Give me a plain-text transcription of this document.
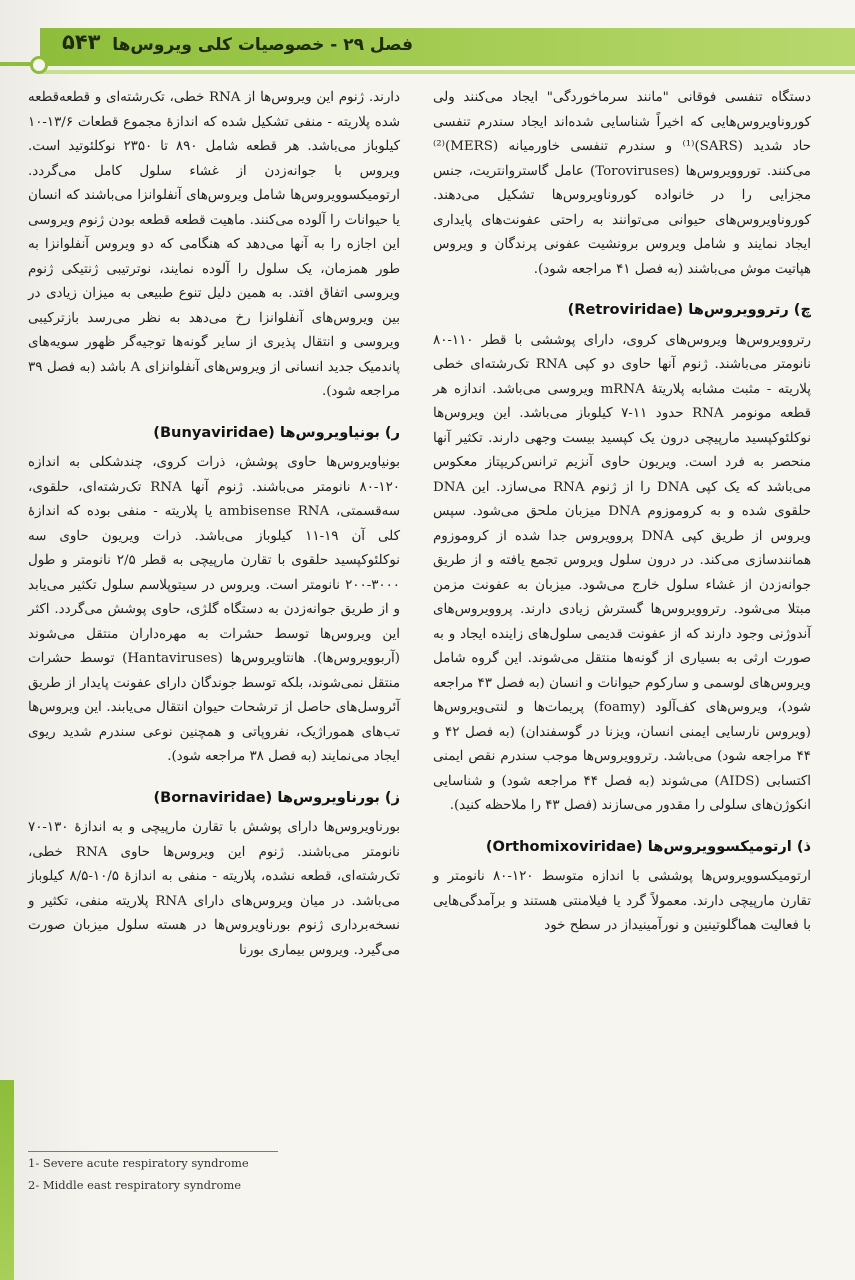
۵۴۳ فصل ۲۹ - خصوصیات کلی ویروس‌ها

دستگاه تنفسی فوقانی "مانند سرماخوردگی" ایجاد می‌کنند ولی کوروناویروس‌هایی که اخیراً شناسایی شده‌اند ایجاد سندرم تنفسی حاد شدید (SARS)⁽¹⁾ و سندرم تنفسی خاورمیانه (MERS)⁽²⁾ می‌کنند. توروویروس‌ها (Toroviruses) عامل گاستروانتریت، جنس مجزایی را در خانواده کوروناویروس‌ها تشکیل می‌دهند. کوروناویروس‌های حیوانی می‌توانند به راحتی عفونت‌های پایداری ایجاد نمایند و شامل ویروس برونشیت عفونی پرندگان و ویروس هپاتیت موش می‌باشند (به فصل ۴۱ مراجعه شود).

چ) رتروویروس‌ها (Retroviridae)

رتروویروس‌ها ویروس‌های کروی، دارای پوششی با قطر ۱۱۰-۸۰ نانومتر می‌باشند. ژنوم آنها حاوی دو کپی RNA تک‌رشته‌ای خطی پلاریته - مثبت مشابه پلاریتهٔ mRNA ویروسی می‌باشد. اندازه هر قطعه مونومر RNA حدود ۱۱-۷ کیلوباز می‌باشد. این ویروس‌ها نوکلئوکپسید مارپیچی درون یک کپسید بیست وجهی دارند. تکثیر آنها منحصر به فرد است. ویریون حاوی آنزیم ترانس‌کریپتاز معکوس می‌باشد که یک کپی DNA را از ژنوم RNA می‌سازد. این DNA حلقوی شده و به کروموزوم DNA میزبان ملحق می‌شود. سپس ویروس از طریق کپی DNA پروویروس جدا شده از کروموزوم همانندسازی می‌کند. در درون سلول ویروس تجمع یافته و از طریق جوانه‌زدن از غشاء سلول خارج می‌شود. میزبان به عفونت مزمن مبتلا می‌شود. رتروویروس‌ها گسترش زیادی دارند. پروویروس‌های آندوژنی وجود دارند که از عفونت قدیمی سلول‌های زاینده ایجاد و به صورت ارثی به بسیاری از گونه‌ها منتقل می‌شوند. این گروه شامل ویروس‌های لوسمی و سارکوم حیوانات و انسان (به فصل ۴۳ مراجعه شود)، ویروس‌های کف‌آلود (foamy) پریمات‌ها و لنتی‌ویروس‌ها (ویروس نارسایی ایمنی انسان، ویزنا در گوسفندان) (به فصل ۴۲ و ۴۴ مراجعه شود) می‌باشد. رتروویروس‌ها موجب سندرم نقص ایمنی اکتسابی (AIDS) می‌شوند (به فصل ۴۴ مراجعه شود) و شناسایی انکوژن‌های سلولی را مقدور می‌سازند (فصل ۴۳ را ملاحظه کنید).

ذ) ارتومیکسوویروس‌ها (Orthomixoviridae)

ارتومیکسوویروس‌ها پوششی با اندازه متوسط ۱۲۰-۸۰ نانومتر و تقارن مارپیچی دارند. معمولاً گرد یا فیلامنتی هستند و برآمدگی‌هایی با فعالیت هماگلوتینین و نورآمینیداز در سطح خود

دارند. ژنوم این ویروس‌ها از RNA خطی، تک‌رشته‌ای و قطعه‌قطعه شده پلاریته - منفی تشکیل شده که اندازهٔ مجموع قطعات ۱۳/۶-۱۰ کیلوباز می‌باشد. هر قطعه شامل ۸۹۰ تا ۲۳۵۰ نوکلئوتید است. ویروس با جوانه‌زدن از غشاء سلول کامل می‌گردد. ارتومیکسوویروس‌ها شامل ویروس‌های آنفلوانزا می‌باشند که انسان یا حیوانات را آلوده می‌کنند. ماهیت قطعه قطعه بودن ژنوم ویروسی این اجازه را به آنها می‌دهد که هنگامی که دو ویروس آنفلوانزا به طور همزمان، یک سلول را آلوده نمایند، نوترتیبی ژنتیکی ژنوم ویروسی اتفاق افتد. به همین دلیل تنوع طبیعی به میزان زیادی در بین ویروس‌های آنفلوانزا رخ می‌دهد به نظر می‌رسد بازترکیبی ویروسی و انتقال پذیری از سایر گونه‌ها توجیه‌گر ظهور سویه‌های پاندمیک جدید انسانی از ویروس‌های آنفلوانزای A باشد (به فصل ۳۹ مراجعه شود).

ر) بونیاویروس‌ها (Bunyaviridae)

بونیاویروس‌ها حاوی پوشش، ذرات کروی، چندشکلی به اندازه ۱۲۰-۸۰ نانومتر می‌باشند. ژنوم آنها RNA تک‌رشته‌ای، حلقوی، سه‌قسمتی، ambisense RNA یا پلاریته - منفی بوده که اندازهٔ کلی آن ۱۹-۱۱ کیلوباز می‌باشد. ذرات ویریون حاوی سه نوکلئوکپسید حلقوی با تقارن مارپیچی به قطر ۲/۵ نانومتر و طول ۳۰۰۰-۲۰۰ نانومتر است. ویروس در سیتوپلاسم سلول تکثیر می‌یابد و از طریق جوانه‌زدن به دستگاه گلژی، حاوی پوشش می‌گردد. اکثر این ویروس‌ها توسط حشرات به مهره‌داران منتقل می‌شوند (آربوویروس‌ها). هانتاویروس‌ها (Hantaviruses) توسط حشرات منتقل نمی‌شوند، بلکه توسط جوندگان دارای عفونت پایدار از طریق آئروسل‌های حاصل از ترشحات حیوان انتقال می‌یابند. این ویروس‌ها تب‌های هموراژیک، نفروپاتی و همچنین نوعی سندرم شدید ریوی ایجاد می‌نمایند (به فصل ۳۸ مراجعه شود).

ز) بورناویروس‌ها (Bornaviridae)

بورناویروس‌ها دارای پوشش با تقارن مارپیچی و به اندازهٔ ۱۳۰-۷۰ نانومتر می‌باشند. ژنوم این ویروس‌ها حاوی RNA خطی، تک‌رشته‌ای، قطعه نشده، پلاریته - منفی به اندازهٔ ۱۰/۵-۸/۵ کیلوباز می‌باشد. در میان ویروس‌های دارای RNA پلاریته منفی، تکثیر و نسخه‌برداری ژنوم بورناویروس‌ها در هسته سلول میزبان صورت می‌گیرد. ویروس بیماری بورنا

1- Severe acute respiratory syndrome
2- Middle east respiratory syndrome
